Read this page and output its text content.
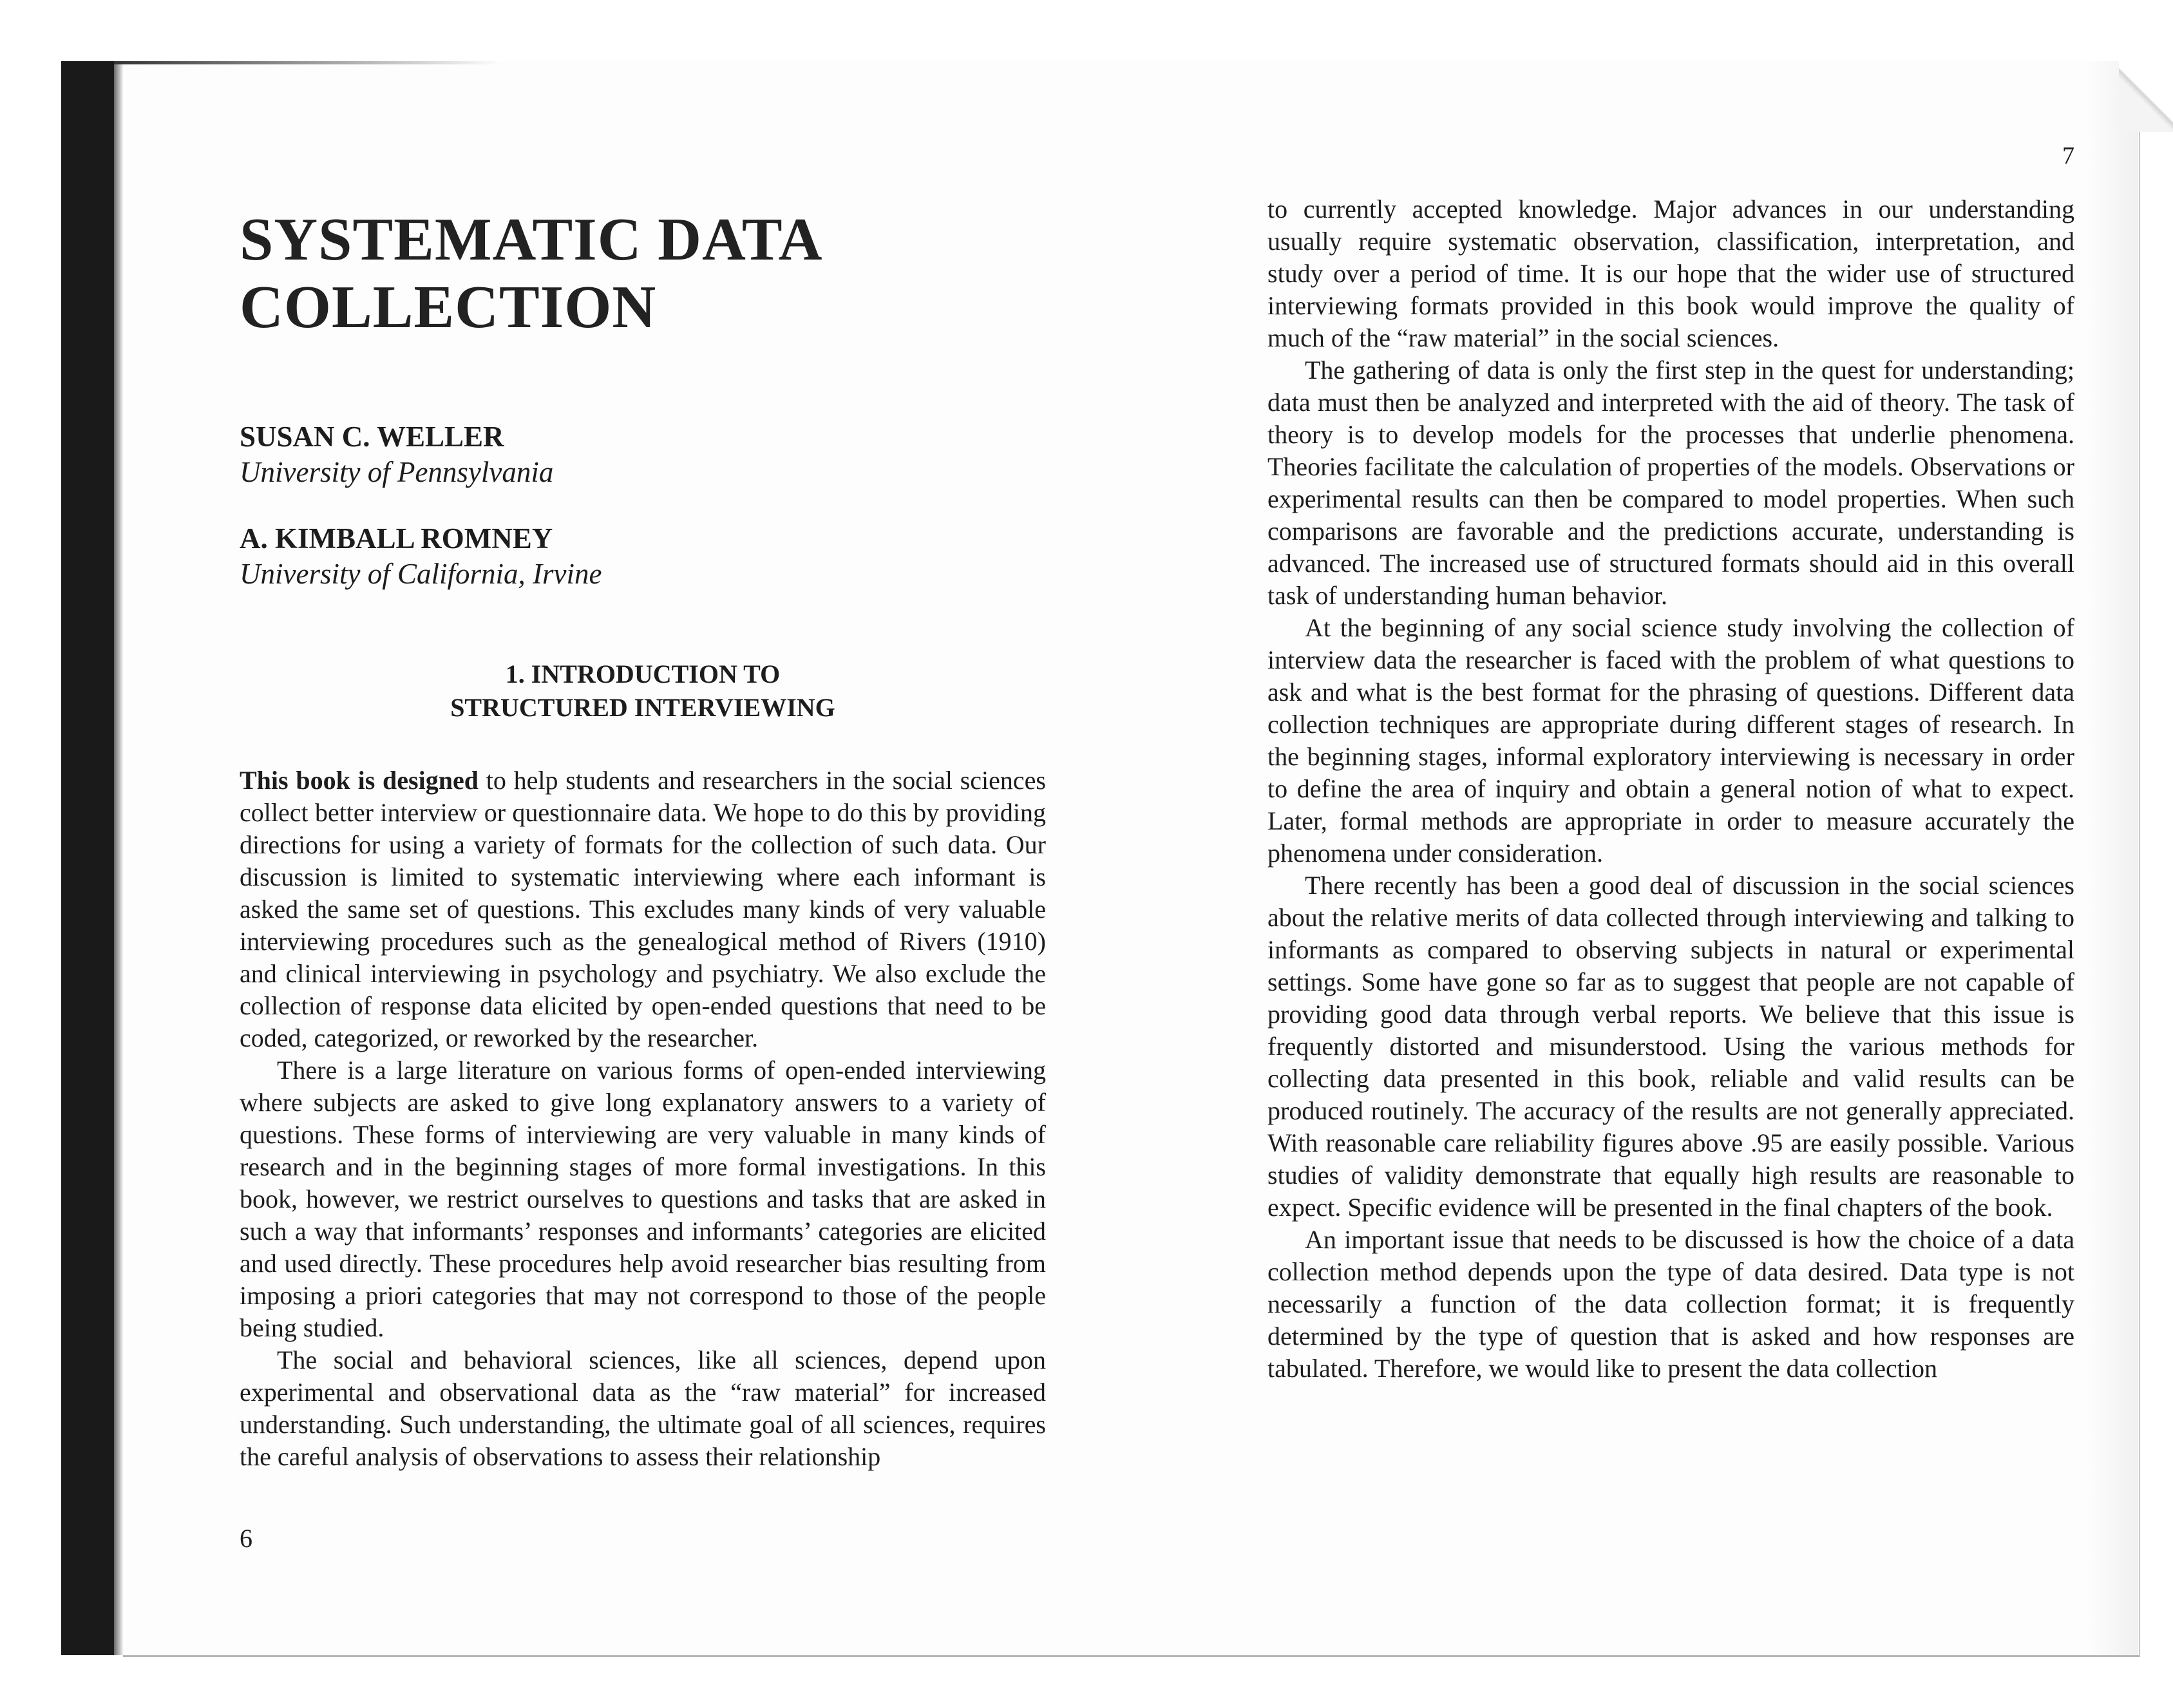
SYSTEMATIC DATA
COLLECTION
SUSAN C. WELLER
University of Pennsylvania
A. KIMBALL ROMNEY
University of California, Irvine
1. INTRODUCTION TO
STRUCTURED INTERVIEWING

This book is designed to help students and researchers in the social sciences collect better interview or questionnaire data. We hope to do this by providing directions for using a variety of formats for the collection of such data. Our discussion is limited to systematic interviewing where each informant is asked the same set of questions. This excludes many kinds of very valuable interviewing procedures such as the genealogical method of Rivers (1910) and clinical interviewing in psychology and psychiatry. We also exclude the collection of response data elicited by open-ended questions that need to be coded, categorized, or reworked by the researcher.

There is a large literature on various forms of open-ended interviewing where subjects are asked to give long explanatory answers to a variety of questions. These forms of interviewing are very valuable in many kinds of research and in the beginning stages of more formal investigations. In this book, however, we restrict ourselves to questions and tasks that are asked in such a way that informants’ responses and informants’ categories are elicited and used directly. These procedures help avoid researcher bias resulting from imposing a priori categories that may not correspond to those of the people being studied.

The social and behavioral sciences, like all sciences, depend upon experimental and observational data as the “raw material” for increased understanding. Such understanding, the ultimate goal of all sciences, requires the careful analysis of observations to assess their relationship

6
7

to currently accepted knowledge. Major advances in our understanding usually require systematic observation, classification, interpretation, and study over a period of time. It is our hope that the wider use of structured interviewing formats provided in this book would improve the quality of much of the “raw material” in the social sciences.

The gathering of data is only the first step in the quest for understanding; data must then be analyzed and interpreted with the aid of theory. The task of theory is to develop models for the processes that underlie phenomena. Theories facilitate the calculation of properties of the models. Observations or experimental results can then be compared to model properties. When such comparisons are favorable and the predictions accurate, understanding is advanced. The increased use of structured formats should aid in this overall task of understanding human behavior.

At the beginning of any social science study involving the collection of interview data the researcher is faced with the problem of what questions to ask and what is the best format for the phrasing of questions. Different data collection techniques are appropriate during different stages of research. In the beginning stages, informal exploratory interviewing is necessary in order to define the area of inquiry and obtain a general notion of what to expect. Later, formal methods are appropriate in order to measure accurately the phenomena under consideration.

There recently has been a good deal of discussion in the social sciences about the relative merits of data collected through interviewing and talking to informants as compared to observing subjects in natural or experimental settings. Some have gone so far as to suggest that people are not capable of providing good data through verbal reports. We believe that this issue is frequently distorted and misunderstood. Using the various methods for collecting data presented in this book, reliable and valid results can be produced routinely. The accuracy of the results are not generally appreciated. With reasonable care reliability figures above .95 are easily possible. Various studies of validity demonstrate that equally high results are reasonable to expect. Specific evidence will be presented in the final chapters of the book.

An important issue that needs to be discussed is how the choice of a data collection method depends upon the type of data desired. Data type is not necessarily a function of the data collection format; it is frequently determined by the type of question that is asked and how responses are tabulated. Therefore, we would like to present the data collection
